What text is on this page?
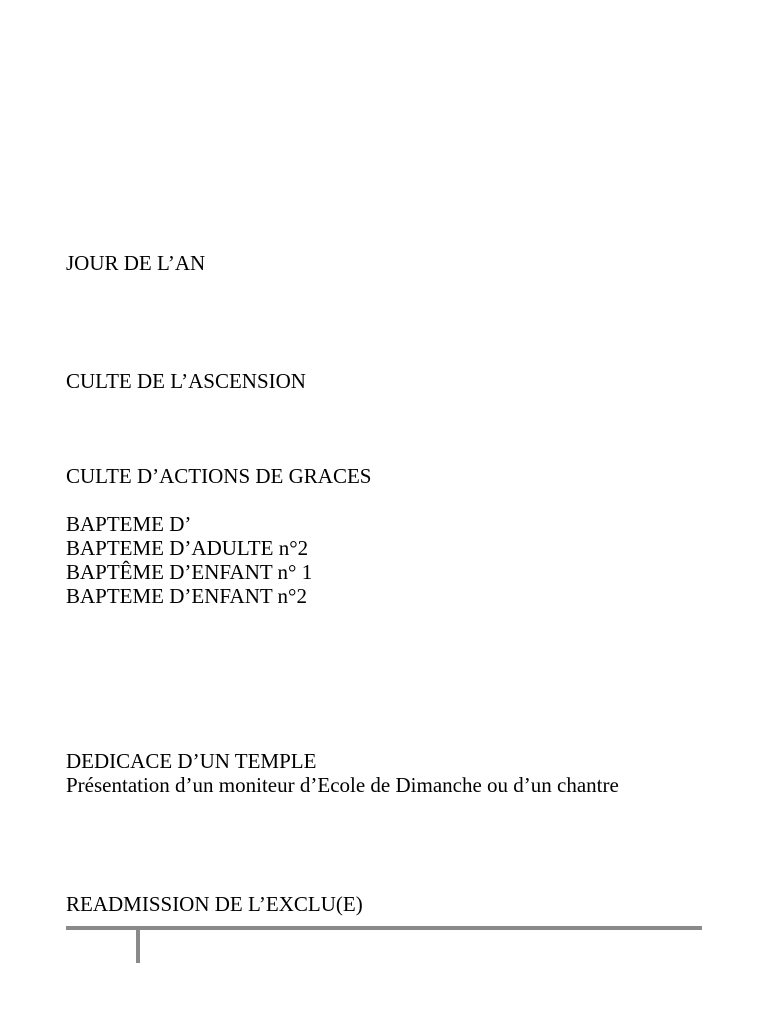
JOUR DE L’AN
CULTE DE L’ASCENSION
CULTE D’ACTIONS DE GRACES
BAPTEME D’
BAPTEME D’ADULTE n°2
BAPTÊME D’ENFANT n° 1
BAPTEME D’ENFANT n°2
DEDICACE D’UN TEMPLE
Présentation d’un moniteur d’Ecole de Dimanche ou d’un chantre
READMISSION DE L’EXCLU(E)
